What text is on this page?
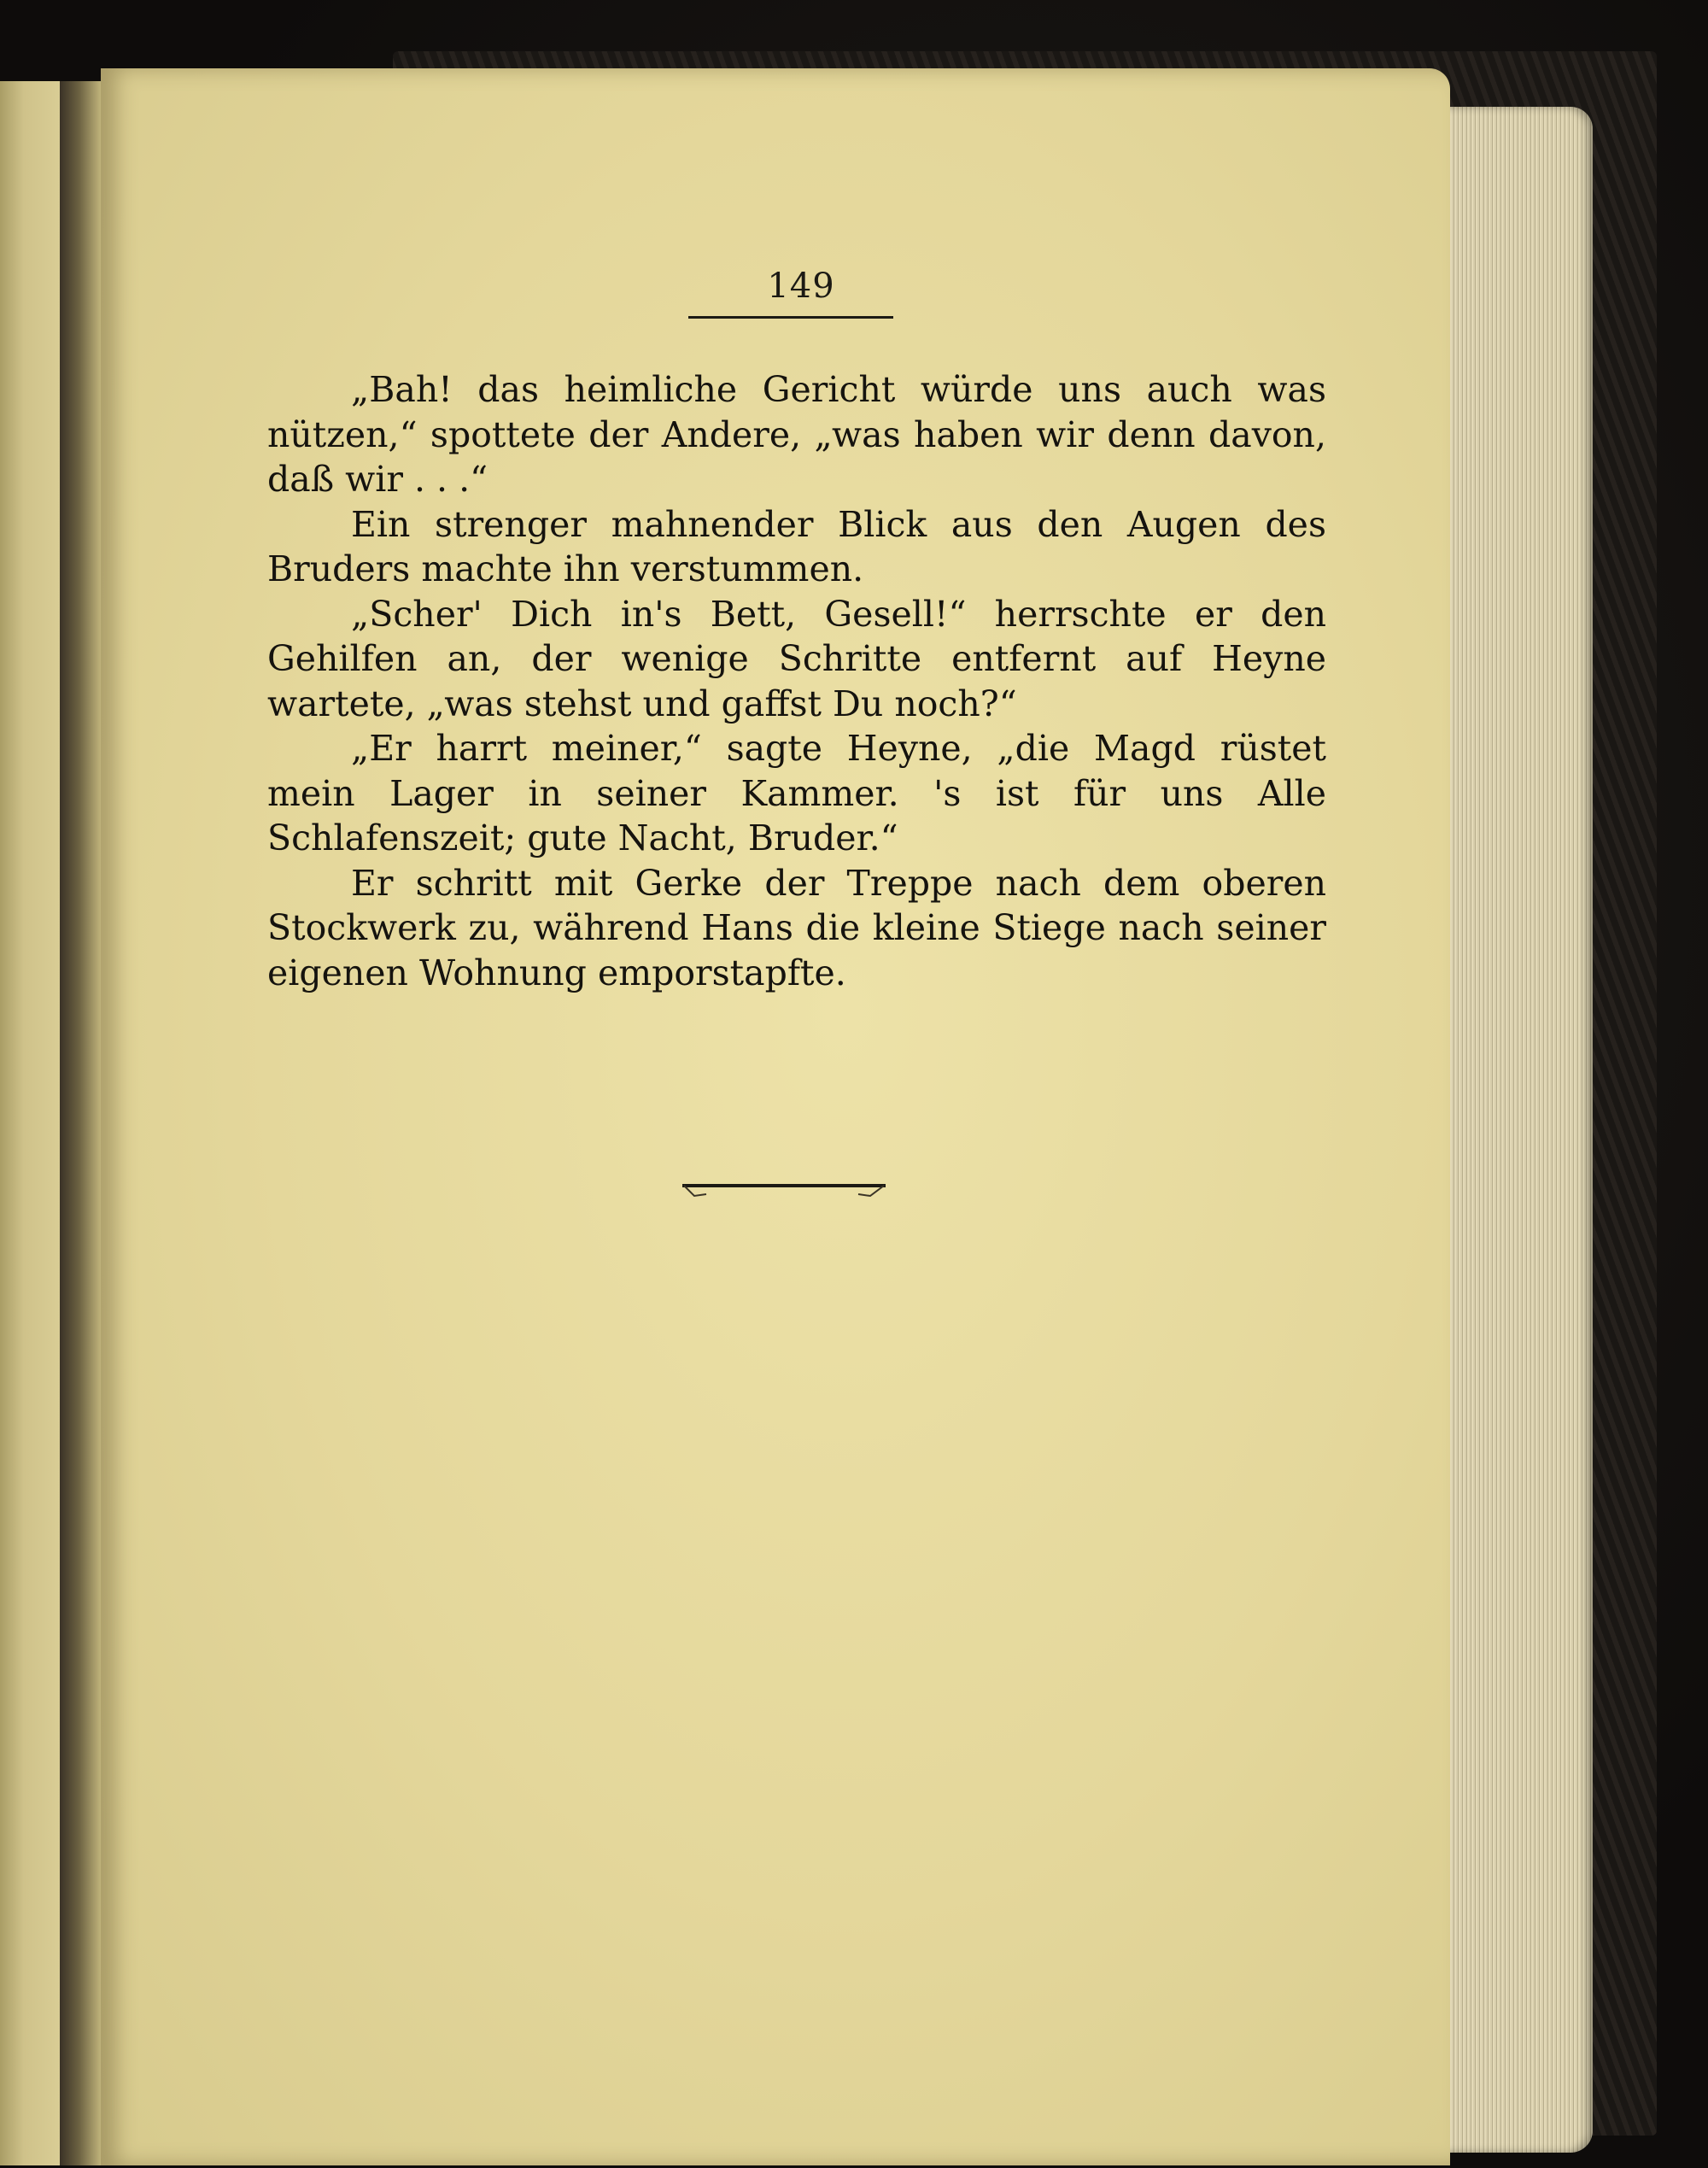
149

„Bah! das heimliche Gericht würde uns auch was nützen,“ spottete der Andere, „was haben wir denn davon, daß wir . . .“

Ein strenger mahnender Blick aus den Augen des Bruders machte ihn verstummen.

„Scher' Dich in's Bett, Gesell!“ herrschte er den Gehilfen an, der wenige Schritte entfernt auf Heyne wartete, „was stehst und gaffst Du noch?“

„Er harrt meiner,“ sagte Heyne, „die Magd rüstet mein Lager in seiner Kammer. 's ist für uns Alle Schlafenszeit; gute Nacht, Bruder.“

Er schritt mit Gerke der Treppe nach dem oberen Stockwerk zu, während Hans die kleine Stiege nach seiner eigenen Wohnung emporstapfte.
